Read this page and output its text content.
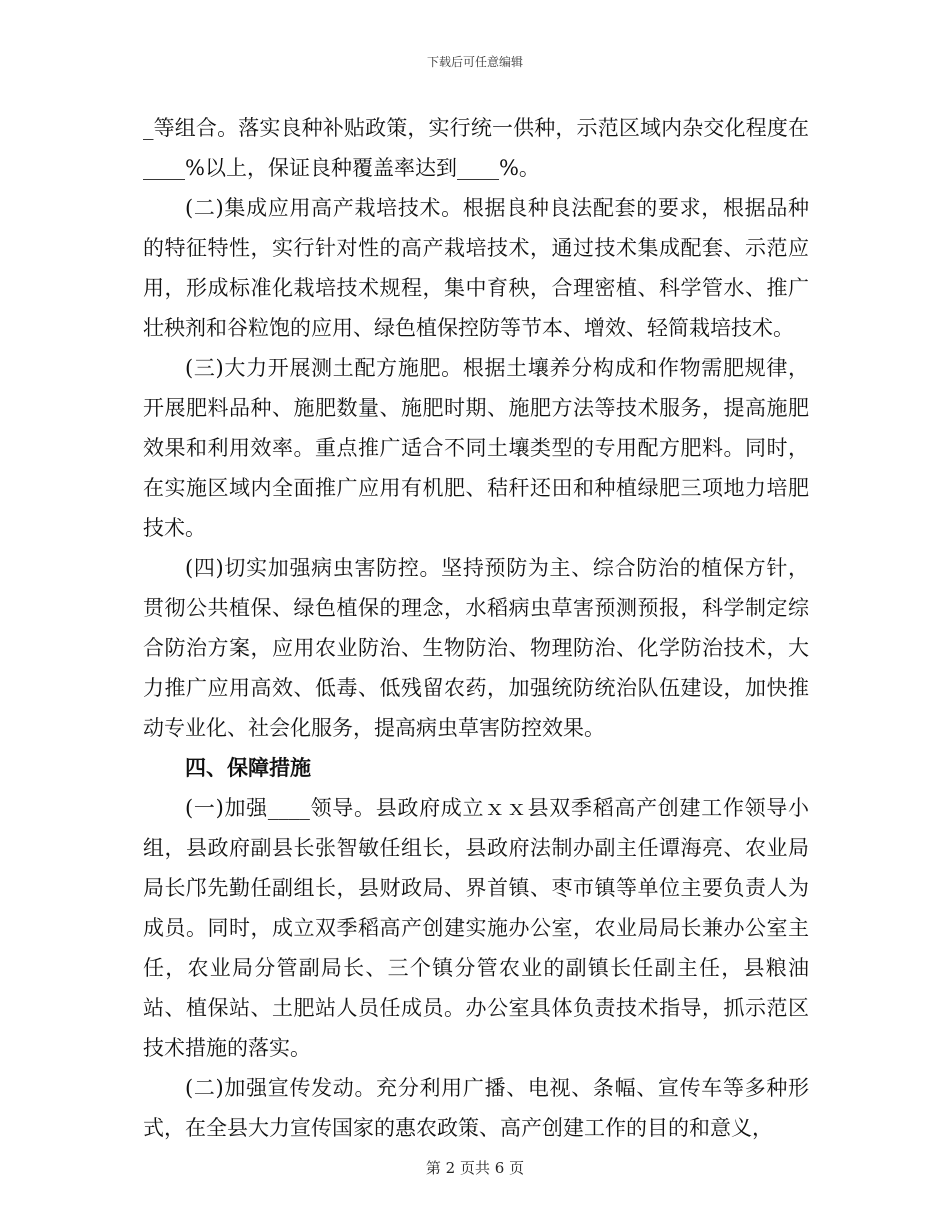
下载后可任意编辑

_等组合。落实良种补贴政策，实行统一供种，示范区域内杂交化程度在____%以上，保证良种覆盖率达到____%。

(二)集成应用高产栽培技术。根据良种良法配套的要求，根据品种的特征特性，实行针对性的高产栽培技术，通过技术集成配套、示范应用，形成标准化栽培技术规程，集中育秧，合理密植、科学管水、推广壮秧剂和谷粒饱的应用、绿色植保控防等节本、增效、轻简栽培技术。

(三)大力开展测土配方施肥。根据土壤养分构成和作物需肥规律，开展肥料品种、施肥数量、施肥时期、施肥方法等技术服务，提高施肥效果和利用效率。重点推广适合不同土壤类型的专用配方肥料。同时，在实施区域内全面推广应用有机肥、秸秆还田和种植绿肥三项地力培肥技术。

(四)切实加强病虫害防控。坚持预防为主、综合防治的植保方针，贯彻公共植保、绿色植保的理念，水稻病虫草害预测预报，科学制定综合防治方案，应用农业防治、生物防治、物理防治、化学防治技术，大力推广应用高效、低毒、低残留农药，加强统防统治队伍建设，加快推动专业化、社会化服务，提高病虫草害防控效果。

四、保障措施

(一)加强____领导。县政府成立ｘｘ县双季稻高产创建工作领导小组，县政府副县长张智敏任组长，县政府法制办副主任谭海亮、农业局局长邝先勤任副组长，县财政局、界首镇、枣市镇等单位主要负责人为成员。同时，成立双季稻高产创建实施办公室，农业局局长兼办公室主任，农业局分管副局长、三个镇分管农业的副镇长任副主任，县粮油站、植保站、土肥站人员任成员。办公室具体负责技术指导，抓示范区技术措施的落实。

(二)加强宣传发动。充分利用广播、电视、条幅、宣传车等多种形式，在全县大力宣传国家的惠农政策、高产创建工作的目的和意义，

第 2 页共 6 页
